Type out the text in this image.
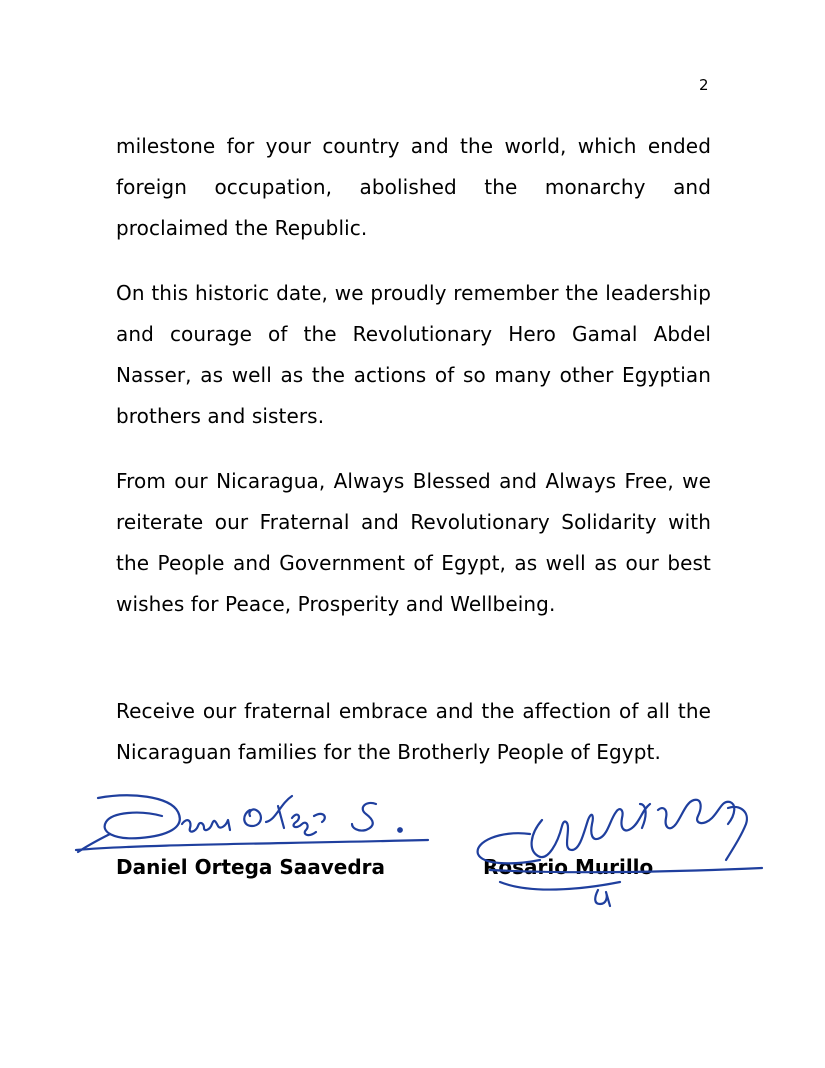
2

milestone for your country and the world, which ended foreign occupation, abolished the monarchy and proclaimed the Republic.

On this historic date, we proudly remember the leadership and courage of the Revolutionary Hero Gamal Abdel Nasser, as well as the actions of so many other Egyptian brothers and sisters.

From our Nicaragua, Always Blessed and Always Free, we reiterate our Fraternal and Revolutionary Solidarity with the People and Government of Egypt, as well as our best wishes for Peace, Prosperity and Wellbeing.

Receive our fraternal embrace and the affection of all the Nicaraguan families for the Brotherly People of Egypt.

Daniel Ortega Saavedra	Rosario Murillo
